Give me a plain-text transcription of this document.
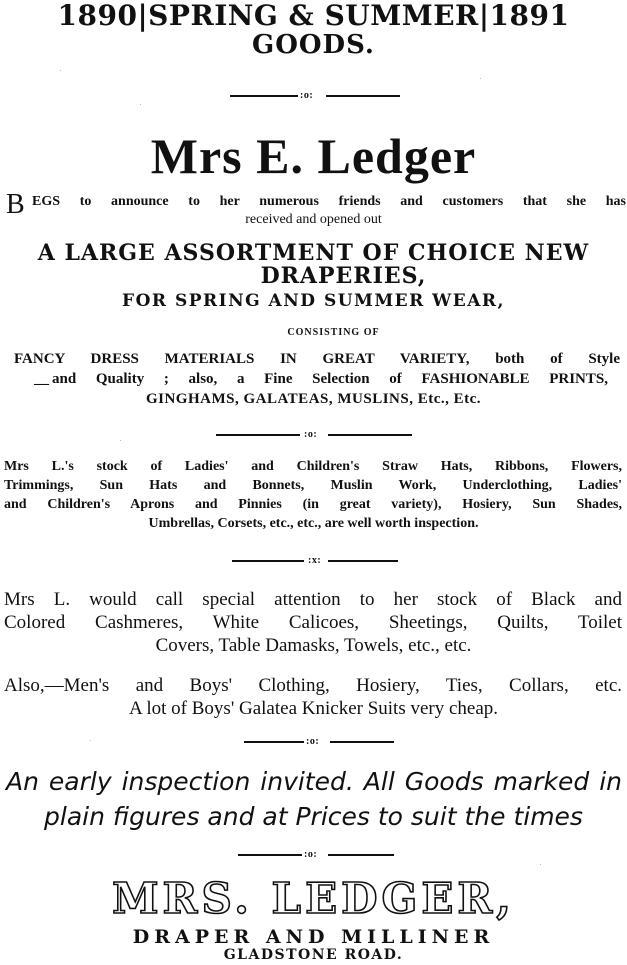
1890|SPRING & SUMMER|1891
GOODS.
:o:
Mrs E. Ledger
B EGS to announce to her numerous friends and customers that she has
received and opened out
A LARGE ASSORTMENT OF CHOICE NEW
DRAPERIES,
FOR SPRING AND SUMMER WEAR,
CONSISTING OF
FANCY DRESS MATERIALS IN GREAT VARIETY, both of Style
— and Quality ; also, a Fine Selection of FASHIONABLE PRINTS,
GINGHAMS, GALATEAS, MUSLINS, Etc., Etc.
:o:
Mrs L.'s stock of Ladies' and Children's Straw Hats, Ribbons, Flowers,
Trimmings, Sun Hats and Bonnets, Muslin Work, Underclothing, Ladies'
and Children's Aprons and Pinnies (in great variety), Hosiery, Sun Shades,
Umbrellas, Corsets, etc., etc., are well worth inspection.
:x:
Mrs L. would call special attention to her stock of Black and
Colored Cashmeres, White Calicoes, Sheetings, Quilts, Toilet
Covers, Table Damasks, Towels, etc., etc.
Also,—Men's and Boys' Clothing, Hosiery, Ties, Collars, etc.
A lot of Boys' Galatea Knicker Suits very cheap.
:o:
An early inspection invited. All Goods marked in
plain figures and at Prices to suit the times
:o:
MRS. LEDGER,
DRAPER AND MILLINER
GLADSTONE ROAD.
